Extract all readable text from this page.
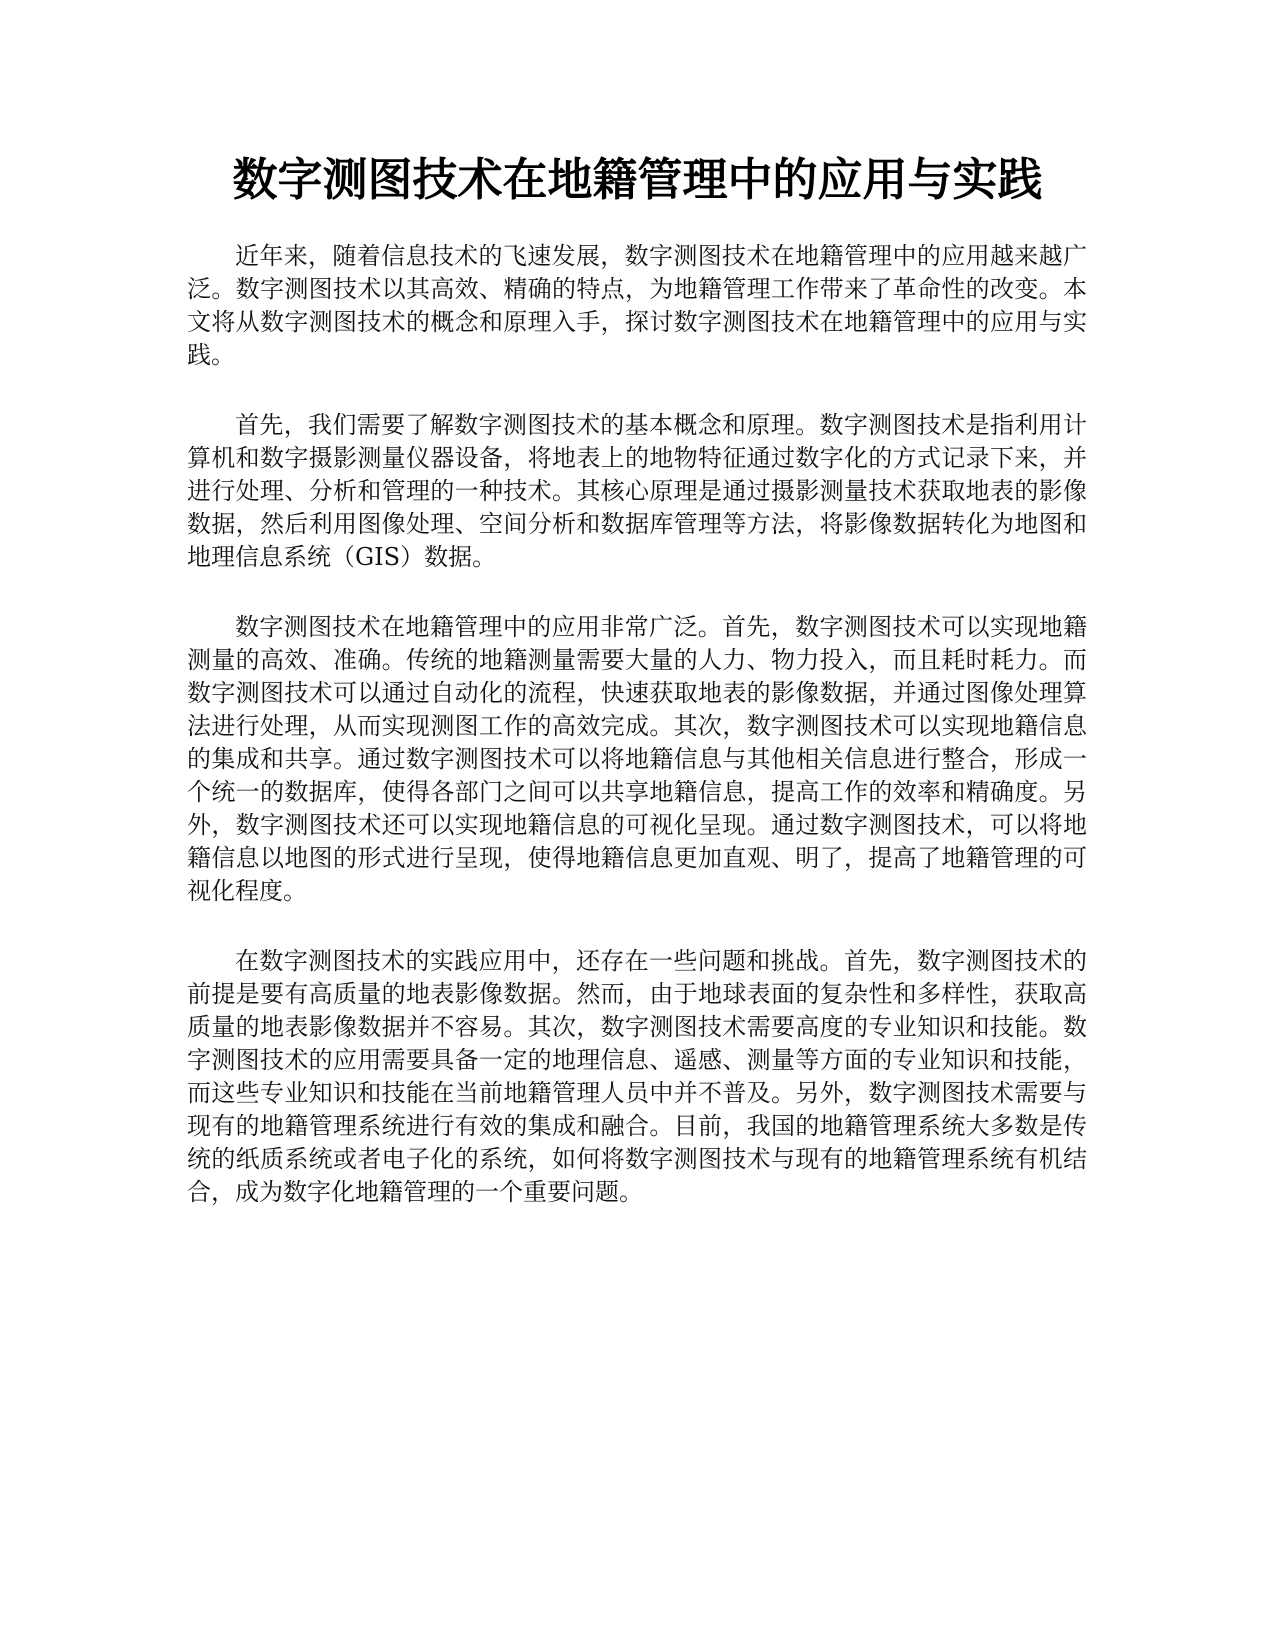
数字测图技术在地籍管理中的应用与实践

近年来，随着信息技术的飞速发展，数字测图技术在地籍管理中的应用越来越广泛。数字测图技术以其高效、精确的特点，为地籍管理工作带来了革命性的改变。本文将从数字测图技术的概念和原理入手，探讨数字测图技术在地籍管理中的应用与实践。

首先，我们需要了解数字测图技术的基本概念和原理。数字测图技术是指利用计算机和数字摄影测量仪器设备，将地表上的地物特征通过数字化的方式记录下来，并进行处理、分析和管理的一种技术。其核心原理是通过摄影测量技术获取地表的影像数据，然后利用图像处理、空间分析和数据库管理等方法，将影像数据转化为地图和地理信息系统（GIS）数据。

数字测图技术在地籍管理中的应用非常广泛。首先，数字测图技术可以实现地籍测量的高效、准确。传统的地籍测量需要大量的人力、物力投入，而且耗时耗力。而数字测图技术可以通过自动化的流程，快速获取地表的影像数据，并通过图像处理算法进行处理，从而实现测图工作的高效完成。其次，数字测图技术可以实现地籍信息的集成和共享。通过数字测图技术可以将地籍信息与其他相关信息进行整合，形成一个统一的数据库，使得各部门之间可以共享地籍信息，提高工作的效率和精确度。另外，数字测图技术还可以实现地籍信息的可视化呈现。通过数字测图技术，可以将地籍信息以地图的形式进行呈现，使得地籍信息更加直观、明了，提高了地籍管理的可视化程度。

在数字测图技术的实践应用中，还存在一些问题和挑战。首先，数字测图技术的前提是要有高质量的地表影像数据。然而，由于地球表面的复杂性和多样性，获取高质量的地表影像数据并不容易。其次，数字测图技术需要高度的专业知识和技能。数字测图技术的应用需要具备一定的地理信息、遥感、测量等方面的专业知识和技能，而这些专业知识和技能在当前地籍管理人员中并不普及。另外，数字测图技术需要与现有的地籍管理系统进行有效的集成和融合。目前，我国的地籍管理系统大多数是传统的纸质系统或者电子化的系统，如何将数字测图技术与现有的地籍管理系统有机结合，成为数字化地籍管理的一个重要问题。
